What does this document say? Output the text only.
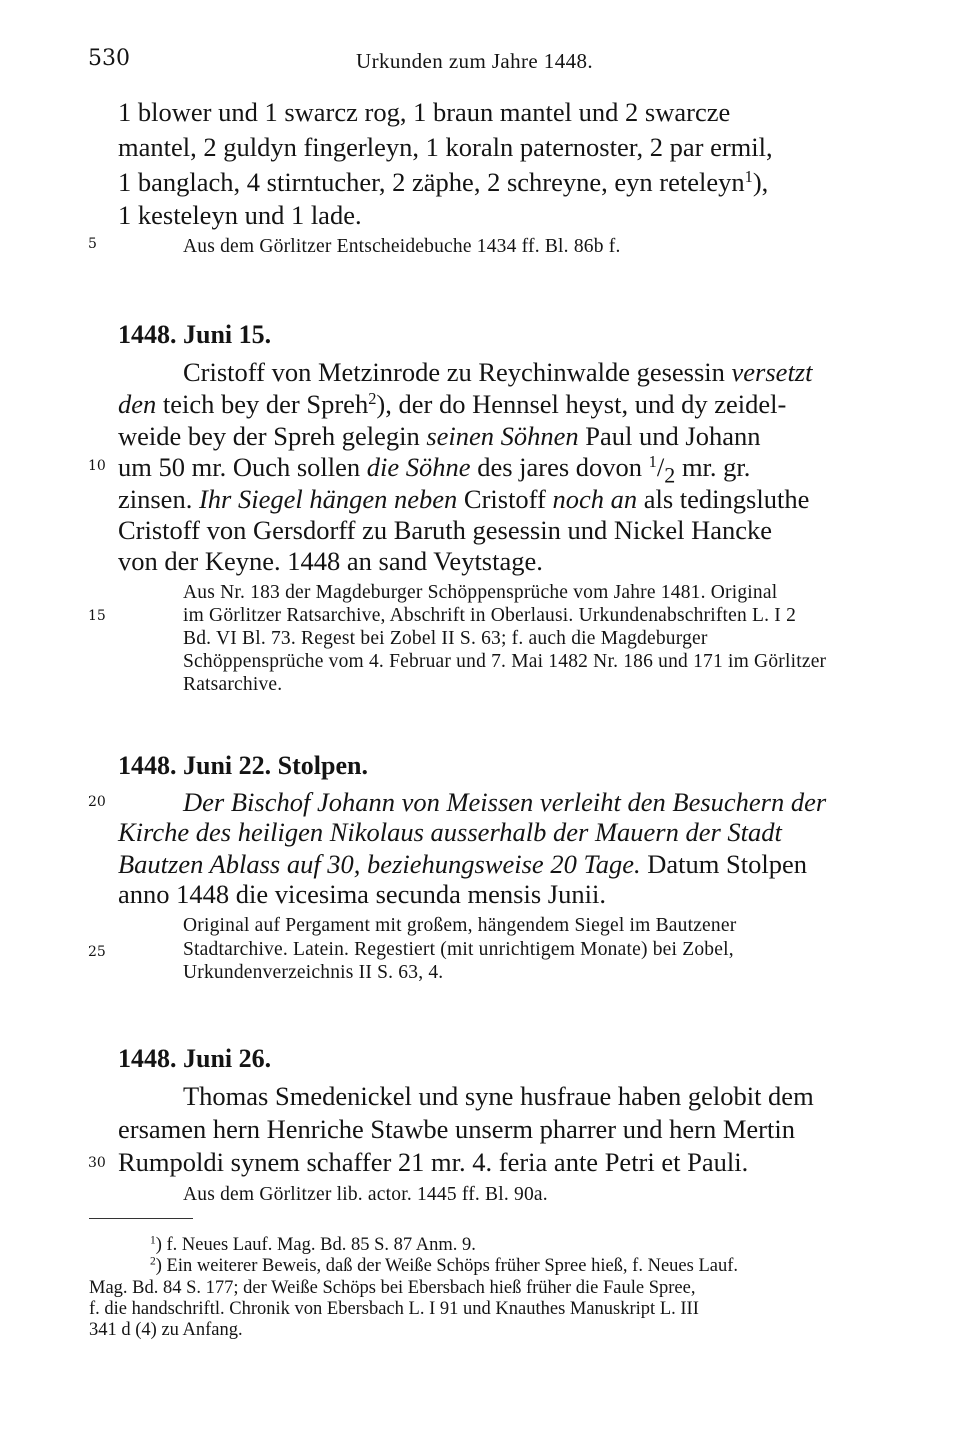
530	Urkunden zum Jahre 1448.
1 blower und 1 swarcz rog, 1 braun mantel und 2 swarcze
mantel, 2 guldyn fingerleyn, 1 koraln paternoster, 2 par ermil,
1 banglach, 4 stirntucher, 2 zäphe, 2 schreyne, eyn reteleyn$^1$),
1 kesteleyn und 1 lade.
5	Aus dem Görlitzer Entscheidebuche 1434 ff. Bl. 86b f.
1448. Juni 15.
Cristoff von Metzinrode zu Reychinwalde gesessin versetzt
den teich bey der Spreh$^2$), der do Hennsel heyst, und dy zeidel-
weide bey der Spreh gelegin seinen Söhnen Paul und Johann
10 um 50 mr. Ouch sollen die Söhne des jares dovon $^1/_2$ mr. gr.
zinsen. Ihr Siegel hängen neben Cristoff noch an als tedingsluthe
Cristoff von Gersdorff zu Baruth gesessin und Nickel Hancke
von der Keyne. 1448 an sand Veytstage.
Aus Nr. 183 der Magdeburger Schöppensprüche vom Jahre 1481. Original
15	im Görlitzer Ratsarchive, Abschrift in Oberlausi. Urkundenabschriften L. I 2
Bd. VI Bl. 73. Regest bei Zobel II S. 63; f. auch die Magdeburger
Schöppensprüche vom 4. Februar und 7. Mai 1482 Nr. 186 und 171 im Görlitzer
Ratsarchive.
1448. Juni 22. Stolpen.
20	Der Bischof Johann von Meissen verleiht den Besuchern der
Kirche des heiligen Nikolaus ausserhalb der Mauern der Stadt
Bautzen Ablass auf 30, beziehungsweise 20 Tage. Datum Stolpen
anno 1448 die vicesima secunda mensis Junii.
Original auf Pergament mit großem, hängendem Siegel im Bautzener
25	Stadtarchive. Latein. Regestiert (mit unrichtigem Monate) bei Zobel,
Urkundenverzeichnis II S. 63, 4.
1448. Juni 26.
Thomas Smedenickel und syne husfraue haben gelobit dem
ersamen hern Henriche Stawbe unserm pharrer und hern Mertin
30 Rumpoldi synem schaffer 21 mr. 4. feria ante Petri et Pauli.
Aus dem Görlitzer lib. actor. 1445 ff. Bl. 90a.
$^1$) f. Neues Lauf. Mag. Bd. 85 S. 87 Anm. 9.
$^2$) Ein weiterer Beweis, daß der Weiße Schöps früher Spree hieß, f. Neues Lauf.
Mag. Bd. 84 S. 177; der Weiße Schöps bei Ebersbach hieß früher die Faule Spree,
f. die handschriftl. Chronik von Ebersbach L. I 91 und Knauthes Manuskript L. III
341 d (4) zu Anfang.
